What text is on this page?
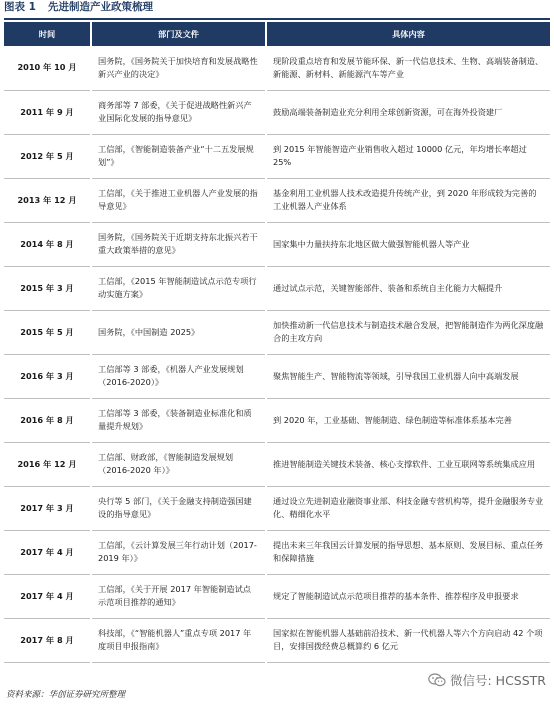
图表 1 先进制造产业政策梳理
时间	部门及文件	具体内容
2010 年 10 月	国务院，《国务院关于加快培育和发展战略性新兴产业的决定》	现阶段重点培育和发展节能环保、新一代信息技术、生物、高端装备制造、新能源、新材料、新能源汽车等产业
2011 年 9 月	商务部等 7 部委，《关于促进战略性新兴产业国际化发展的指导意见》	鼓励高端装备制造业充分利用全球创新资源，可在海外投资建厂
2012 年 5 月	工信部，《智能制造装备产业“十二五发展规划”》	到 2015 年智能智造产业销售收入超过 10000 亿元，年均增长率超过 25%
2013 年 12 月	工信部，《关于推进工业机器人产业发展的指导意见》	基金利用工业机器人技术改造提升传统产业，到 2020 年形成较为完善的工业机器人产业体系
2014 年 8 月	国务院，《国务院关于近期支持东北振兴若干重大政策举措的意见》	国家集中力量扶持东北地区做大做强智能机器人等产业
2015 年 3 月	工信部，《2015 年智能制造试点示范专项行动实施方案》	通过试点示范，关键智能部件、装备和系统自主化能力大幅提升
2015 年 5 月	国务院，《中国制造 2025》	加快推动新一代信息技术与制造技术融合发展，把智能制造作为两化深度融合的主攻方向
2016 年 3 月	工信部等 3 部委，《机器人产业发展规划（2016-2020）》	聚焦智能生产、智能物流等领域，引导我国工业机器人向中高端发展
2016 年 8 月	工信部等 3 部委，《装备制造业标准化和质量提升规划》	到 2020 年，工业基础、智能制造、绿色制造等标准体系基本完善
2016 年 12 月	工信部、财政部，《智能制造发展规划（2016-2020 年）》	推进智能制造关键技术装备、核心支撑软件、工业互联网等系统集成应用
2017 年 3 月	央行等 5 部门，《关于金融支持制造强国建设的指导意见》	通过设立先进制造业融资事业部、科技金融专营机构等，提升金融服务专业化、精细化水平
2017 年 4 月	工信部，《云计算发展三年行动计划（2017-2019 年）》	提出未来三年我国云计算发展的指导思想、基本原则、发展目标、重点任务和保障措施
2017 年 4 月	工信部，《关于开展 2017 年智能制造试点示范项目推荐的通知》	规定了智能制造试点示范项目推荐的基本条件、推荐程序及申报要求
2017 年 8 月	科技部，《“智能机器人”重点专项 2017 年度项目申报指南》	国家拟在智能机器人基础前沿技术、新一代机器人等六个方向启动 42 个项目，安排国拨经费总概算约 6 亿元
微信号: HCSSTR
资料来源：华创证券研究所整理
